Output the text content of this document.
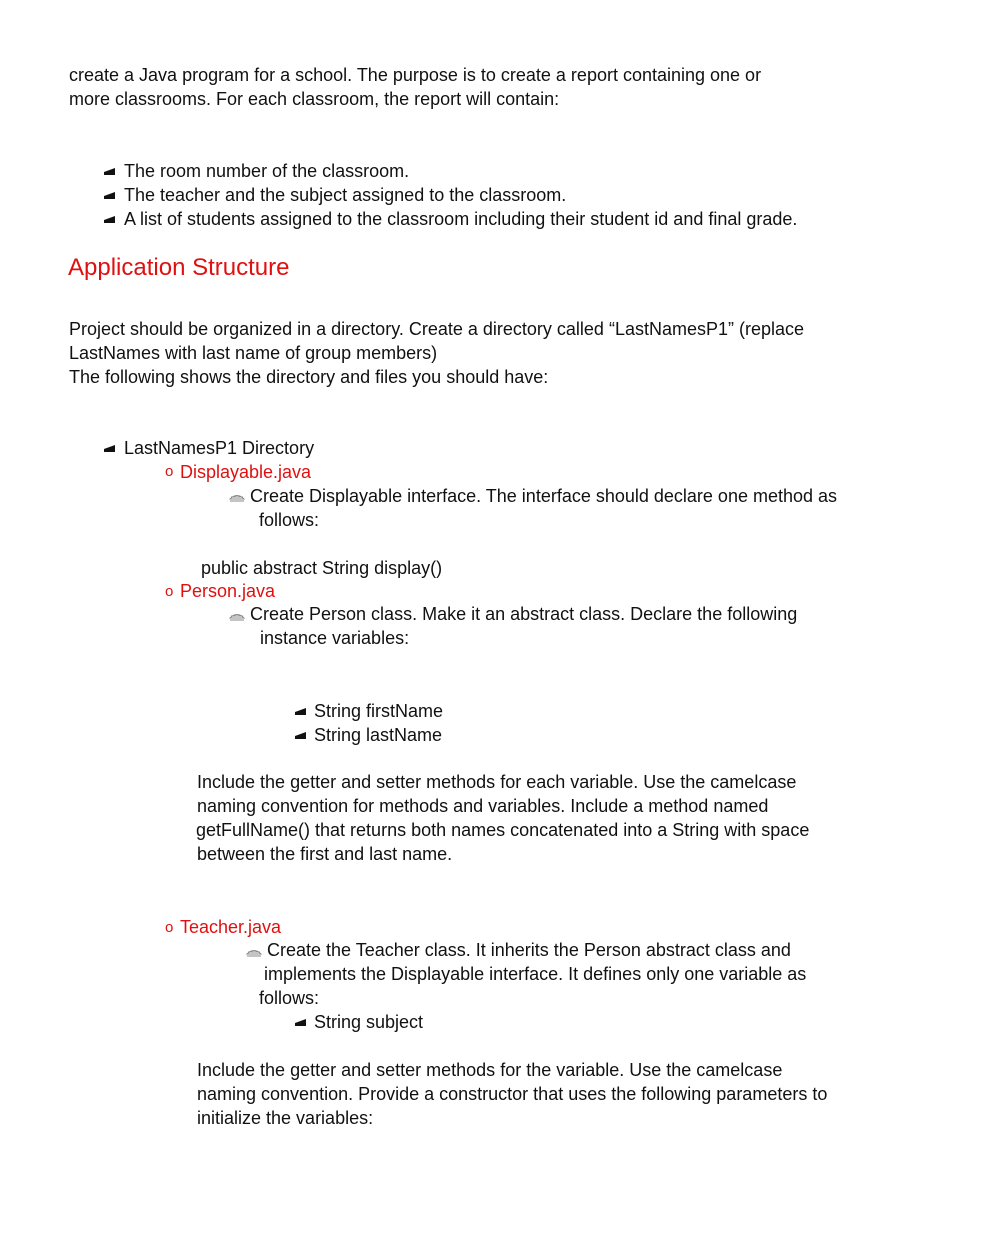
create a Java program for a school. The purpose is to create a report containing one or
more classrooms. For each classroom, the report will contain:
The room number of the classroom.
The teacher and the subject assigned to the classroom.
A list of students assigned to the classroom including their student id and final grade.
Application Structure
Project should be organized in a directory. Create a directory called “LastNamesP1” (replace
LastNames with last name of group members)
The following shows the directory and files you should have:
LastNamesP1 Directory
o Displayable.java
Create Displayable interface. The interface should declare one method as
follows:
public abstract String display()
o Person.java
Create Person class. Make it an abstract class. Declare the following
instance variables:
String firstName
String lastName
Include the getter and setter methods for each variable. Use the camelcase
naming convention for methods and variables. Include a method named
getFullName() that returns both names concatenated into a String with space
between the first and last name.
o Teacher.java
Create the Teacher class. It inherits the Person abstract class and
implements the Displayable interface. It defines only one variable as
follows:
String subject
Include the getter and setter methods for the variable. Use the camelcase
naming convention. Provide a constructor that uses the following parameters to
initialize the variables:
